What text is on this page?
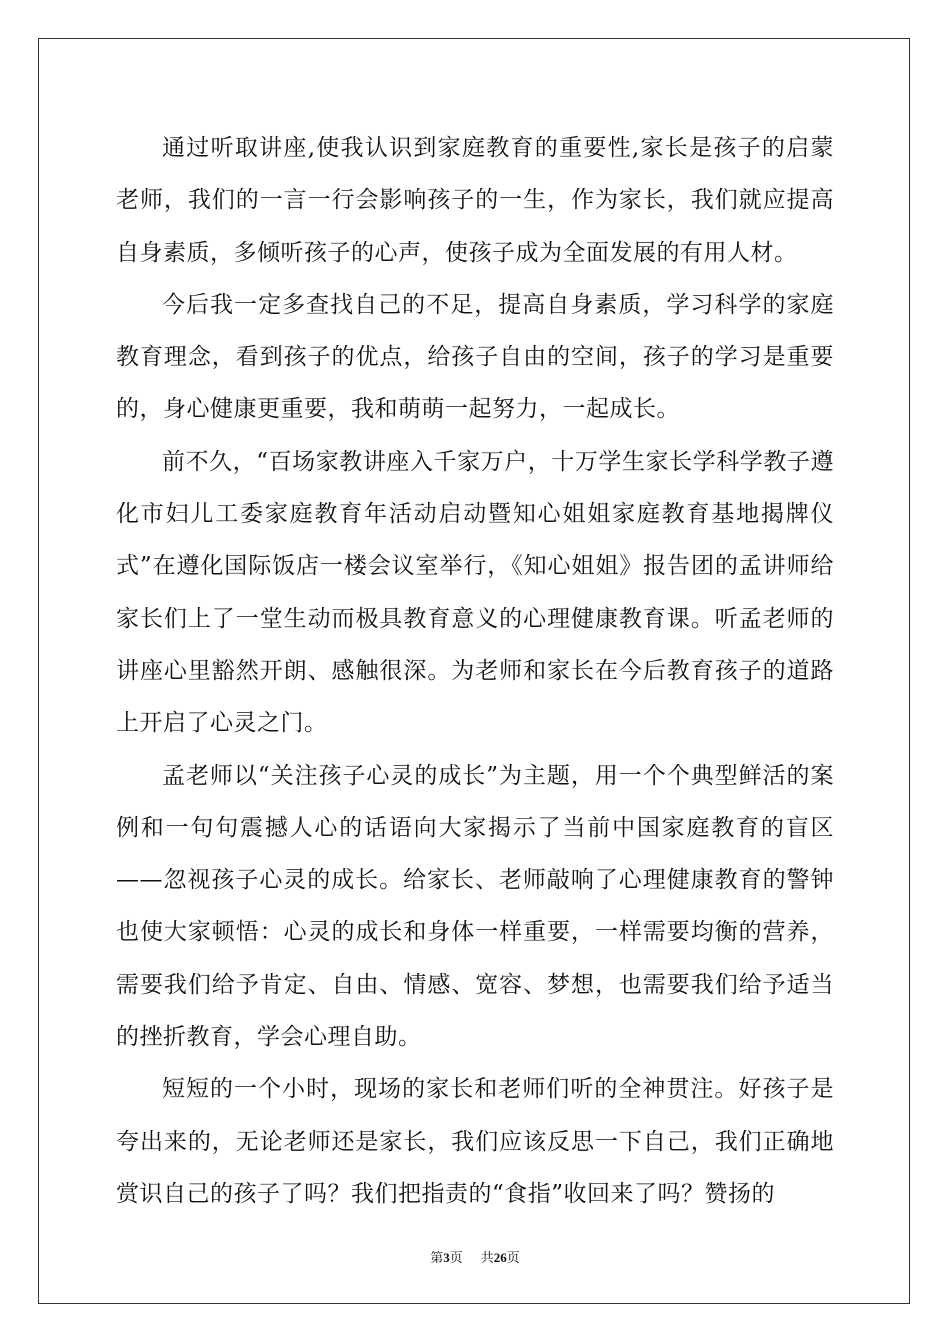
通过听取讲座,使我认识到家庭教育的重要性,家长是孩子的启蒙老师，我们的一言一行会影响孩子的一生，作为家长，我们就应提高自身素质，多倾听孩子的心声，使孩子成为全面发展的有用人材。

今后我一定多查找自己的不足，提高自身素质，学习科学的家庭教育理念，看到孩子的优点，给孩子自由的空间，孩子的学习是重要的，身心健康更重要，我和萌萌一起努力，一起成长。

前不久，“百场家教讲座入千家万户，十万学生家长学科学教子遵化市妇儿工委家庭教育年活动启动暨知心姐姐家庭教育基地揭牌仪式”在遵化国际饭店一楼会议室举行，《知心姐姐》报告团的孟讲师给家长们上了一堂生动而极具教育意义的心理健康教育课。听孟老师的讲座心里豁然开朗、感触很深。为老师和家长在今后教育孩子的道路上开启了心灵之门。

孟老师以“关注孩子心灵的成长”为主题，用一个个典型鲜活的案例和一句句震撼人心的话语向大家揭示了当前中国家庭教育的盲区——忽视孩子心灵的成长。给家长、老师敲响了心理健康教育的警钟也使大家顿悟：心灵的成长和身体一样重要，一样需要均衡的营养，需要我们给予肯定、自由、情感、宽容、梦想，也需要我们给予适当的挫折教育，学会心理自助。

短短的一个小时，现场的家长和老师们听的全神贯注。好孩子是夸出来的，无论老师还是家长，我们应该反思一下自己，我们正确地赏识自己的孩子了吗？我们把指责的“食指”收回来了吗？赞扬的

第3页 共26页
